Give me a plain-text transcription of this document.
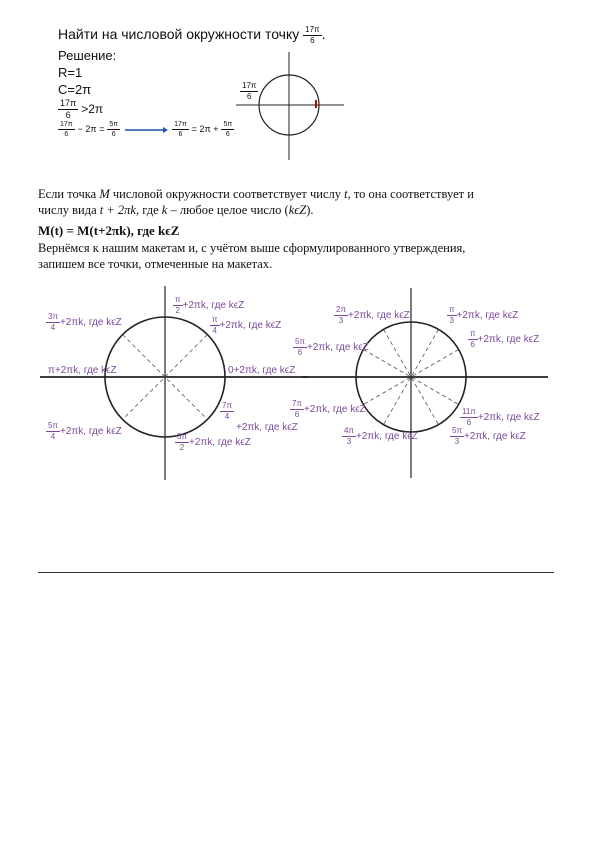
Найти на числовой окружности точку $\frac{17\pi}{6}$ .
Решение:
R=1
C=2π
$\frac{17\pi}{6} >2\pi$
$\frac{17\pi}{6} - 2\pi = \frac{5\pi}{6}$	$\frac{17\pi}{6} = 2\pi + \frac{5\pi}{6}$
$\frac{17\pi}{6}$
Если точка M числовой окружности соответствует числу t, то она соответствует и
числу вида t + 2πk, где k – любое целое число (kϵZ).
M(t) = M(t+2πk), где kϵZ
Вернёмся к нашим макетам и, с учётом выше сформулированного утверждения,
запишем все точки, отмеченные на макетах.
$\frac{\pi}{2} +2\pi k$, где kϵZ
$\frac{3\pi}{4} +2\pi k$, где kϵZ	$\frac{\pi}{4} +2\pi k$, где kϵZ
π+2πk, где kϵZ	0+2πk, где kϵZ
$\frac{7\pi}{4}$
$\frac{5\pi}{4} +2\pi k$, где kϵZ	+2πk, где kϵZ
$\frac{3\pi}{2} +2\pi k$, где kϵZ
$\frac{2\pi}{3} +2\pi k$, где kϵZ	$\frac{\pi}{3} +2\pi k$, где kϵZ
$\frac{5\pi}{6} +2\pi k$, где kϵZ	$\frac{\pi}{6} +2\pi k$, где kϵZ
$\frac{7\pi}{6} +2\pi k$, где kϵZ	$\frac{11\pi}{6} +2\pi k$, где kϵZ
$\frac{4\pi}{3} +2\pi k$, где kϵZ	$\frac{5\pi}{3} +2\pi k$, где kϵZ
